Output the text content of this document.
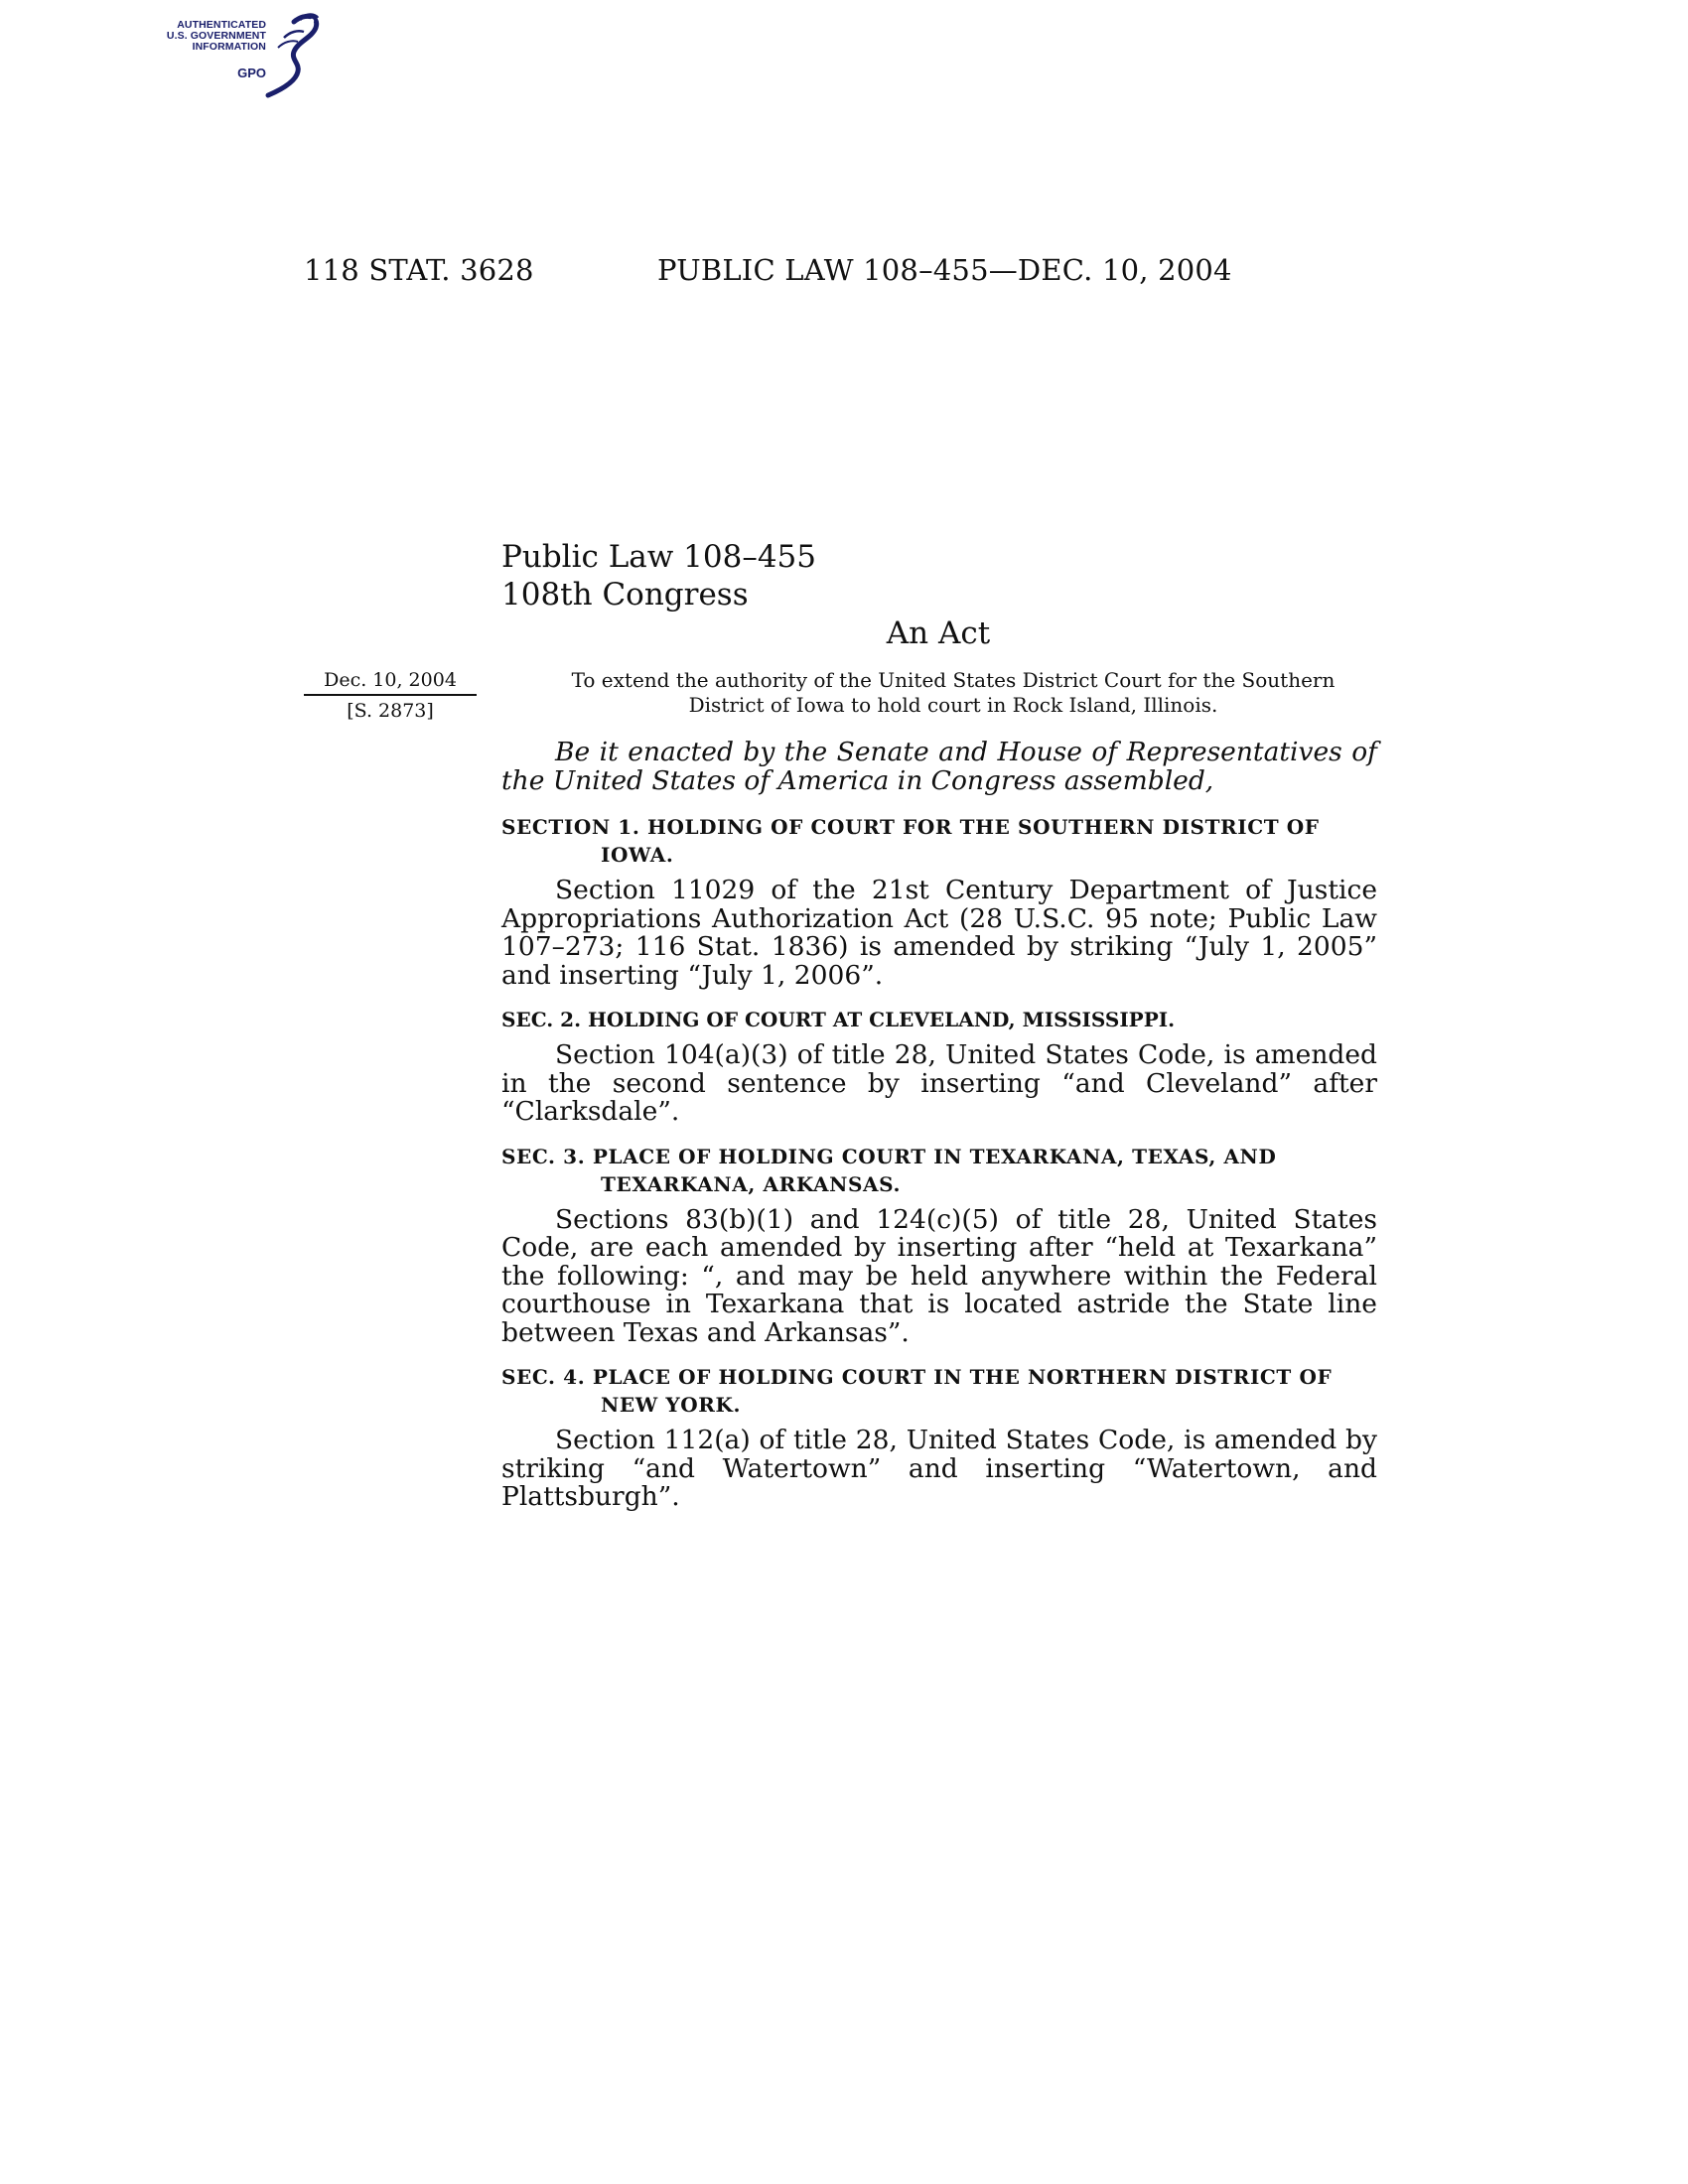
AUTHENTICATED
U.S. GOVERNMENT
INFORMATION
GPO
118 STAT. 3628	PUBLIC LAW 108–455—DEC. 10, 2004
Public Law 108–455
108th Congress
An Act
Dec. 10, 2004
[S. 2873]
To extend the authority of the United States District Court for the Southern
District of Iowa to hold court in Rock Island, Illinois.

Be it enacted by the Senate and House of Representatives of the United States of America in Congress assembled,

SECTION 1. HOLDING OF COURT FOR THE SOUTHERN DISTRICT OF IOWA.

Section 11029 of the 21st Century Department of Justice Appropriations Authorization Act (28 U.S.C. 95 note; Public Law 107–273; 116 Stat. 1836) is amended by striking “July 1, 2005” and inserting “July 1, 2006”.

SEC. 2. HOLDING OF COURT AT CLEVELAND, MISSISSIPPI.

Section 104(a)(3) of title 28, United States Code, is amended in the second sentence by inserting “and Cleveland” after “Clarksdale”.

SEC. 3. PLACE OF HOLDING COURT IN TEXARKANA, TEXAS, AND TEXARKANA, ARKANSAS.

Sections 83(b)(1) and 124(c)(5) of title 28, United States Code, are each amended by inserting after “held at Texarkana” the following: “, and may be held anywhere within the Federal courthouse in Texarkana that is located astride the State line between Texas and Arkansas”.

SEC. 4. PLACE OF HOLDING COURT IN THE NORTHERN DISTRICT OF NEW YORK.

Section 112(a) of title 28, United States Code, is amended by striking “and Watertown” and inserting “Watertown, and Plattsburgh”.
